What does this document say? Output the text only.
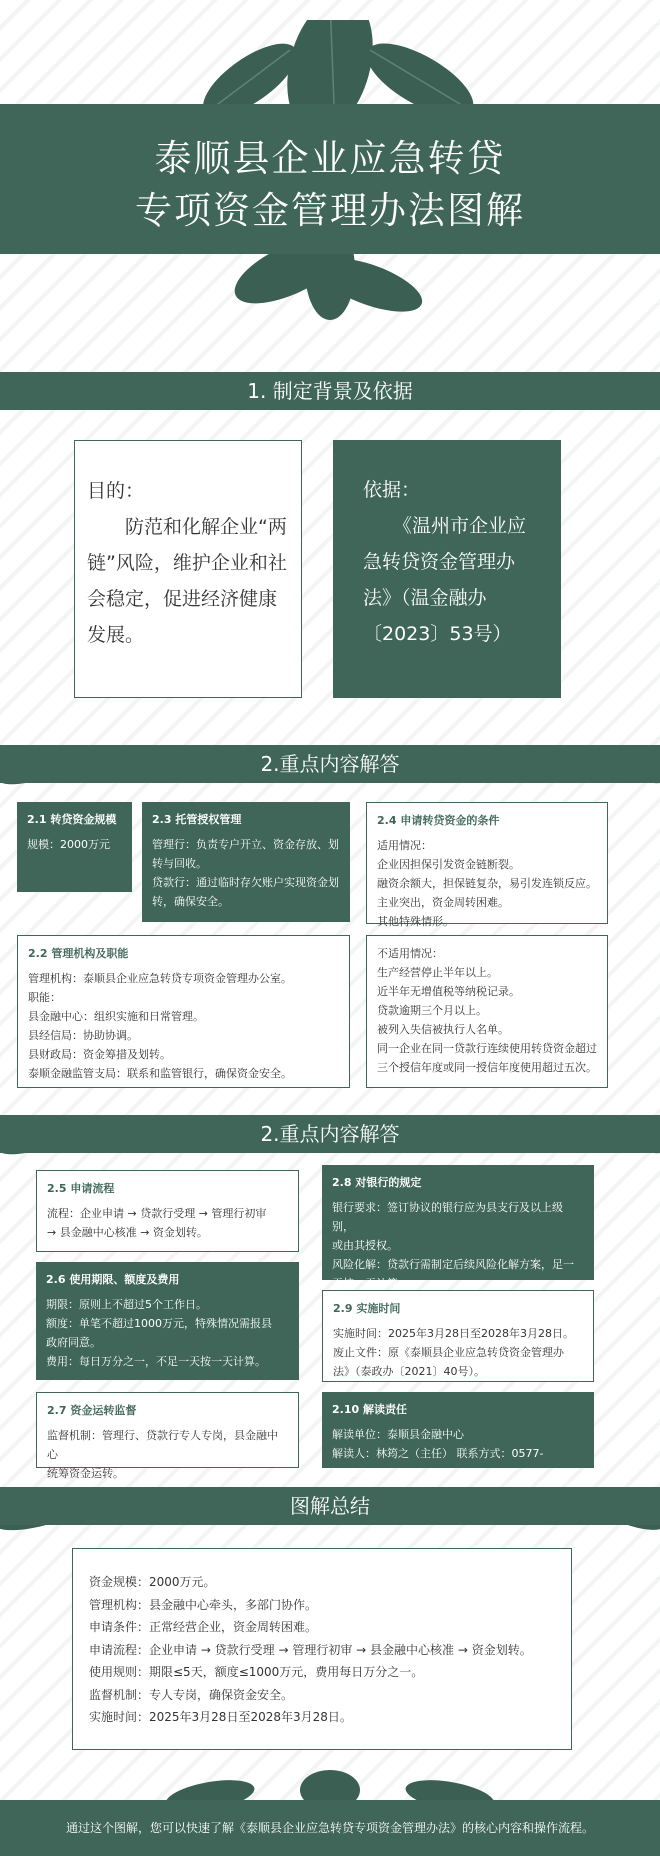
泰顺县企业应急转贷
专项资金管理办法图解
1. 制定背景及依据
目的：
防范和化解企业“两链”风险，维护企业和社会稳定，促进经济健康发展。
依据：
《温州市企业应急转贷资金管理办法》（温金融办〔2023〕53号）
2.重点内容解答
2.1 转贷资金规模

规模：2000万元

2.3 托管授权管理

管理行：负责专户开立、资金存放、划转与回收。

贷款行：通过临时存欠账户实现资金划转，确保安全。

2.4 申请转贷资金的条件

适用情况：

企业因担保引发资金链断裂。

融资余额大，担保链复杂，易引发连锁反应。

主业突出，资金周转困难。

其他特殊情形。

2.2 管理机构及职能

管理机构：泰顺县企业应急转贷专项资金管理办公室。

职能：

县金融中心：组织实施和日常管理。

县经信局：协助协调。

县财政局：资金筹措及划转。

泰顺金融监管支局：联系和监管银行，确保资金安全。

不适用情况：

生产经营停止半年以上。

近半年无增值税等纳税记录。

贷款逾期三个月以上。

被列入失信被执行人名单。

同一企业在同一贷款行连续使用转贷资金超过

三个授信年度或同一授信年度使用超过五次。

2.重点内容解答
2.5 申请流程

流程：企业申请 → 贷款行受理 → 管理行初审

→ 县金融中心核准 → 资金划转。

2.8 对银行的规定

银行要求：签订协议的银行应为县支行及以上级别，

或由其授权。

风险化解：贷款行需制定后续风险化解方案，足一

天按一天计算。

2.6 使用期限、额度及费用

期限：原则上不超过5个工作日。

额度：单笔不超过1000万元，特殊情况需报县

政府同意。

费用：每日万分之一，不足一天按一天计算。

2.9 实施时间

实施时间：2025年3月28日至2028年3月28日。

废止文件：原《泰顺县企业应急转贷资金管理办

法》（泰政办〔2021〕40号）。

2.7 资金运转监督

监督机制：管理行、贷款行专人专岗，县金融中心

统筹资金运转。

2.10 解读责任

解读单位：泰顺县金融中心

解读人：林筠之（主任） 联系方式：0577-59290182

图解总结

资金规模：2000万元。

管理机构：县金融中心牵头，多部门协作。

申请条件：正常经营企业，资金周转困难。

申请流程：企业申请 → 贷款行受理 → 管理行初审 → 县金融中心核准 → 资金划转。

使用规则：期限≤5天，额度≤1000万元，费用每日万分之一。

监督机制：专人专岗，确保资金安全。

实施时间：2025年3月28日至2028年3月28日。

通过这个图解，您可以快速了解《泰顺县企业应急转贷专项资金管理办法》的核心内容和操作流程。
